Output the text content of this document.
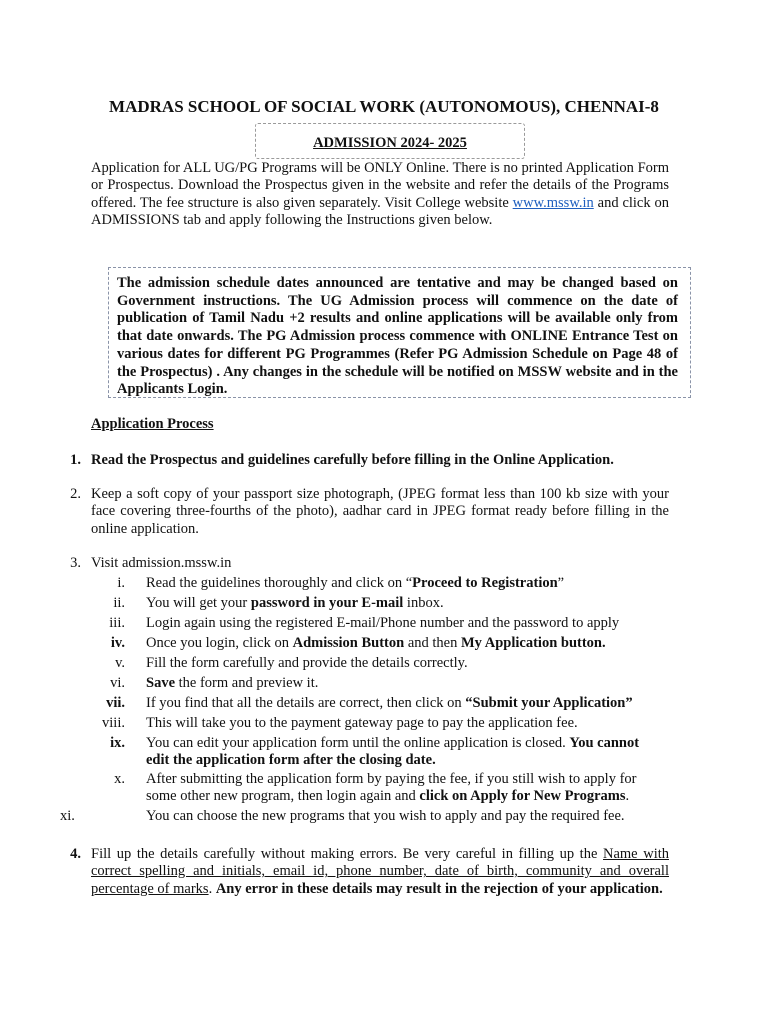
MADRAS SCHOOL OF SOCIAL WORK (AUTONOMOUS), CHENNAI-8
ADMISSION 2024- 2025
Application for ALL UG/PG Programs will be ONLY Online. There is no printed Application Form or Prospectus. Download the Prospectus given in the website and refer the details of the Programs offered. The fee structure is also given separately. Visit College website www.mssw.in and click on ADMISSIONS tab and apply following the Instructions given below.
The admission schedule dates announced are tentative and may be changed based on Government instructions. The UG Admission process will commence on the date of publication of Tamil Nadu +2 results and online applications will be available only from that date onwards. The PG Admission process commence with ONLINE Entrance Test on various dates for different PG Programmes (Refer PG Admission Schedule on Page 48 of the Prospectus) . Any changes in the schedule will be notified on MSSW website and in the Applicants Login.
Application Process
1. Read the Prospectus and guidelines carefully before filling in the Online Application.
2. Keep a soft copy of your passport size photograph, (JPEG format less than 100 kb size with your face covering three-fourths of the photo), aadhar card in JPEG format ready before filling in the online application.
3. Visit admission.mssw.in
i. Read the guidelines thoroughly and click on “Proceed to Registration”
ii. You will get your password in your E-mail inbox.
iii. Login again using the registered E-mail/Phone number and the password to apply
iv. Once you login, click on Admission Button and then My Application button.
v. Fill the form carefully and provide the details correctly.
vi. Save the form and preview it.
vii. If you find that all the details are correct, then click on “Submit your Application”
viii. This will take you to the payment gateway page to pay the application fee.
ix. You can edit your application form until the online application is closed. You cannot edit the application form after the closing date.
x. After submitting the application form by paying the fee, if you still wish to apply for some other new program, then login again and click on Apply for New Programs.
xi.	You can choose the new programs that you wish to apply and pay the required fee.
4. Fill up the details carefully without making errors. Be very careful in filling up the Name with correct spelling and initials, email id, phone number, date of birth, community and overall percentage of marks. Any error in these details may result in the rejection of your application.
